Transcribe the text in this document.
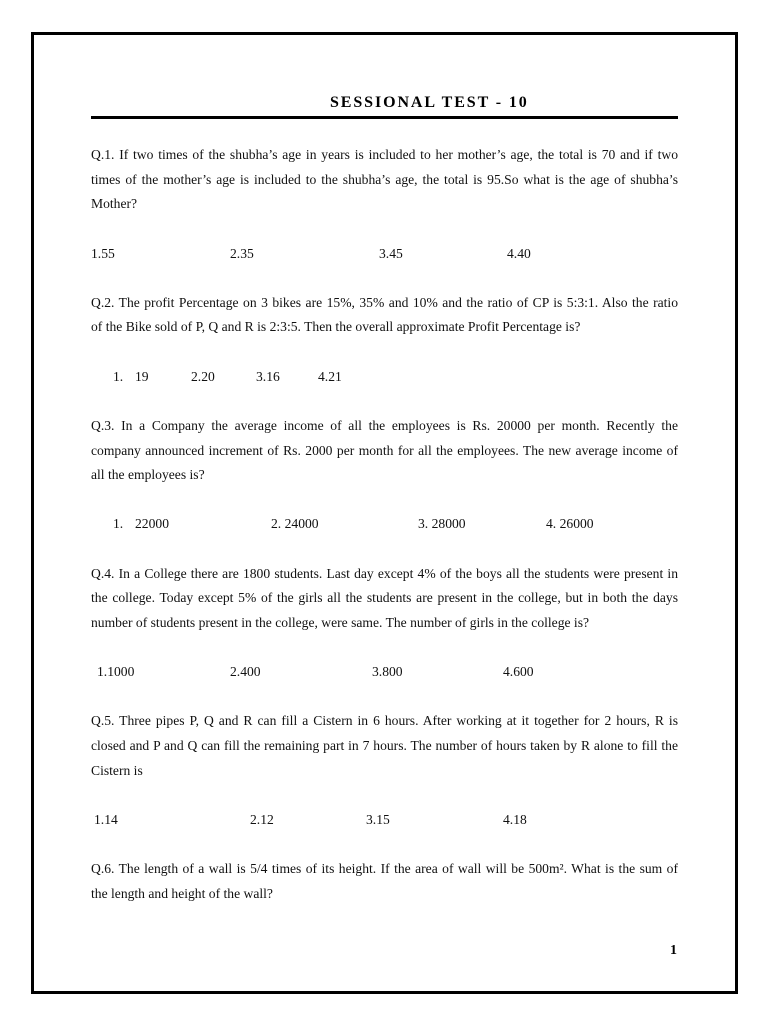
SESSIONAL TEST - 10
Q.1. If two times of the shubha’s age in years is included to her mother’s age, the total is 70 and if two
times of the mother’s age is included to the shubha’s age, the total is 95.So what is the age of shubha’s
Mother?
1.55	2.35	3.45	4.40
Q.2. The profit Percentage on 3 bikes are 15%, 35% and 10% and the ratio of CP is 5:3:1. Also the ratio
of the Bike sold of P, Q and R is 2:3:5. Then the overall approximate Profit Percentage is?
1. 19	2.20	3.16	4.21
Q.3. In a Company the average income of all the employees is Rs. 20000 per month. Recently the
company announced increment of Rs. 2000 per month for all the employees. The new average income of
all the employees is?
1. 22000	2. 24000	3. 28000	4. 26000
Q.4. In a College there are 1800 students. Last day except 4% of the boys all the students were present in
the college. Today except 5% of the girls all the students are present in the college, but in both the days
number of students present in the college, were same. The number of girls in the college is?
1.1000	2.400	3.800	4.600
Q.5. Three pipes P, Q and R can fill a Cistern in 6 hours. After working at it together for 2 hours, R is
closed and P and Q can fill the remaining part in 7 hours. The number of hours taken by R alone to fill the
Cistern is
1.14	2.12	3.15	4.18
Q.6. The length of a wall is 5/4 times of its height. If the area of wall will be 500m². What is the sum of
the length and height of the wall?
1
